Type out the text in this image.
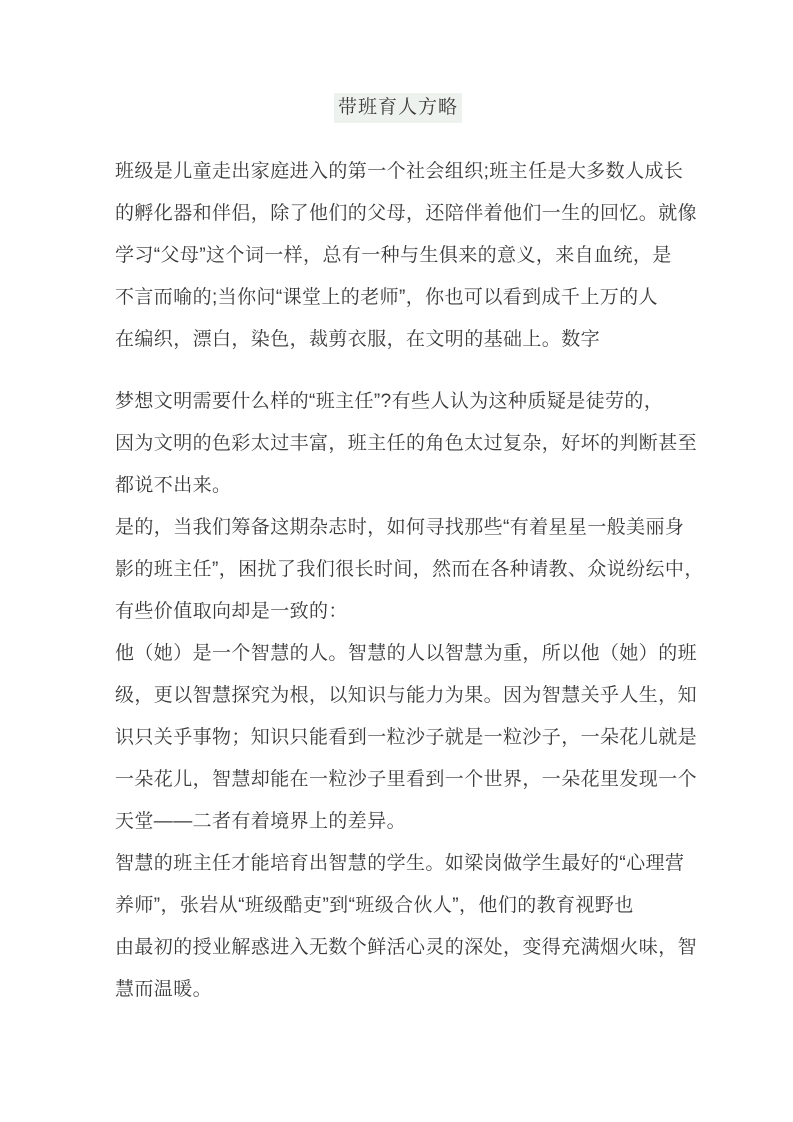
带班育人方略
班级是儿童走出家庭进入的第一个社会组织;班主任是大多数人成长
的孵化器和伴侣，除了他们的父母，还陪伴着他们一生的回忆。就像
学习“父母”这个词一样，总有一种与生俱来的意义，来自血统，是
不言而喻的;当你问“课堂上的老师”，你也可以看到成千上万的人
在编织，漂白，染色，裁剪衣服，在文明的基础上。数字
梦想文明需要什么样的“班主任”?有些人认为这种质疑是徒劳的，
因为文明的色彩太过丰富，班主任的角色太过复杂，好坏的判断甚至
都说不出来。
是的，当我们筹备这期杂志时，如何寻找那些“有着星星一般美丽身
影的班主任”，困扰了我们很长时间，然而在各种请教、众说纷纭中，
有些价值取向却是一致的：
他（她）是一个智慧的人。智慧的人以智慧为重，所以他（她）的班
级，更以智慧探究为根，以知识与能力为果。因为智慧关乎人生，知
识只关乎事物；知识只能看到一粒沙子就是一粒沙子，一朵花儿就是
一朵花儿，智慧却能在一粒沙子里看到一个世界，一朵花里发现一个
天堂——二者有着境界上的差异。
智慧的班主任才能培育出智慧的学生。如梁岗做学生最好的“心理营
养师”，张岩从“班级酷吏”到“班级合伙人”，他们的教育视野也
由最初的授业解惑进入无数个鲜活心灵的深处，变得充满烟火味，智
慧而温暖。
